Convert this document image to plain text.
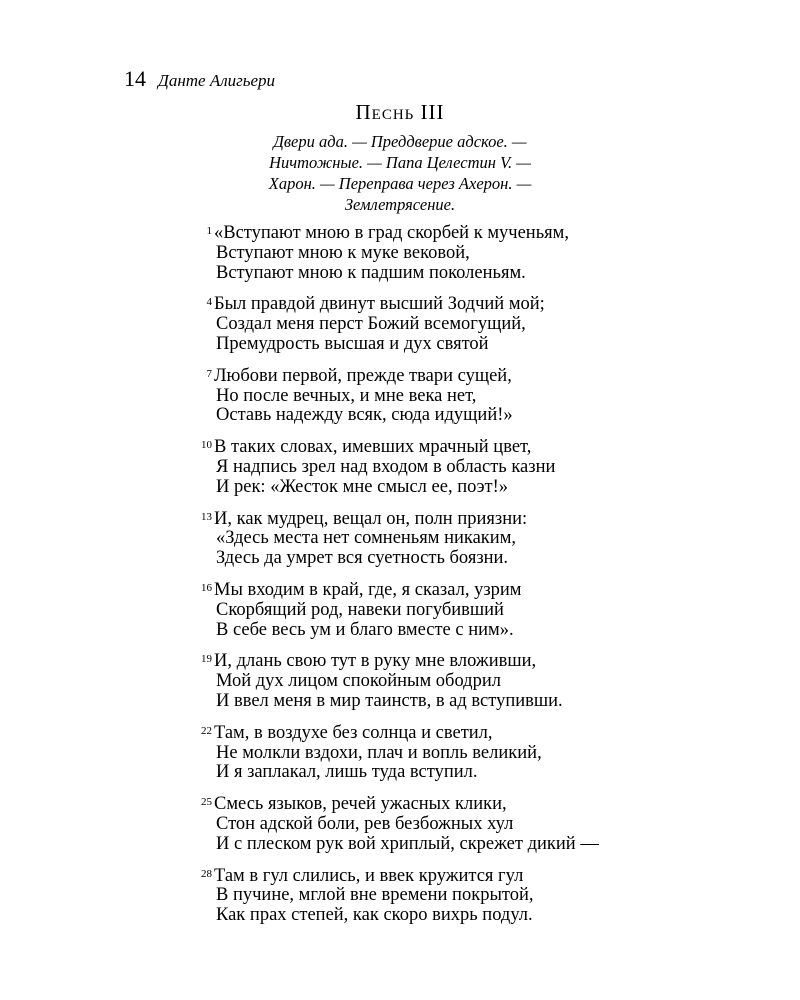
14 Данте Алигьери
Песнь III
Двери ада. — Преддверие адское. —
Ничтожные. — Папа Целестин V. —
Харон. — Переправа через Ахерон. —
Землетрясение.
1 «Вступают мною в град скорбей к мученьям,
Вступают мною к муке вековой,
Вступают мною к падшим поколеньям.
4 Был правдой двинут высший Зодчий мой;
Создал меня перст Божий всемогущий,
Премудрость высшая и дух святой
7 Любови первой, прежде твари сущей,
Но после вечных, и мне века нет,
Оставь надежду всяк, сюда идущий!»
10 В таких словах, имевших мрачный цвет,
Я надпись зрел над входом в область казни
И рек: «Жесток мне смысл ее, поэт!»
13 И, как мудрец, вещал он, полн приязни:
«Здесь места нет сомненьям никаким,
Здесь да умрет вся суетность боязни.
16 Мы входим в край, где, я сказал, узрим
Скорбящий род, навеки погубивший
В себе весь ум и благо вместе с ним».
19 И, длань свою тут в руку мне вложивши,
Мой дух лицом спокойным ободрил
И ввел меня в мир таинств, в ад вступивши.
22 Там, в воздухе без солнца и светил,
Не молкли вздохи, плач и вопль великий,
И я заплакал, лишь туда вступил.
25 Смесь языков, речей ужасных клики,
Стон адской боли, рев безбожных хул
И с плеском рук вой хриплый, скрежет дикий —
28 Там в гул слились, и ввек кружится гул
В пучине, мглой вне времени покрытой,
Как прах степей, как скоро вихрь подул.
